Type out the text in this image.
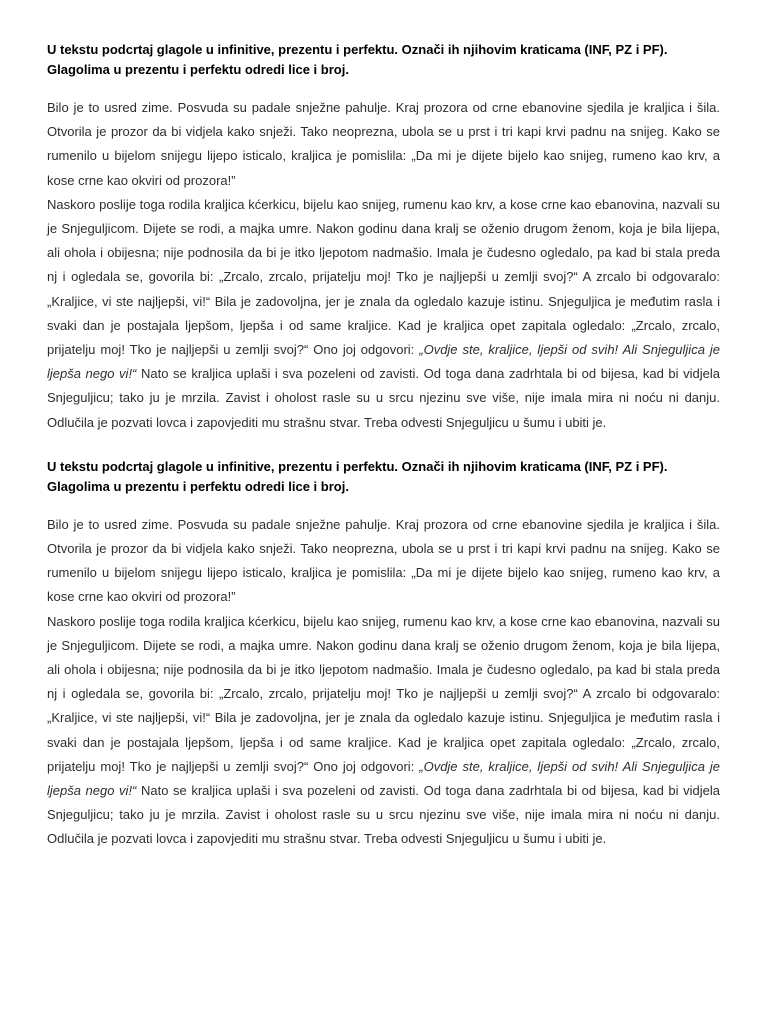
U tekstu podcrtaj glagole u infinitive, prezentu i perfektu. Označi ih njihovim kraticama (INF, PZ i PF). Glagolima u prezentu i perfektu odredi lice i broj.

Bilo je to usred zime. Posvuda su padale snježne pahulje. Kraj prozora od crne ebanovine sjedila je kraljica i šila. Otvorila je prozor da bi vidjela kako snježi. Tako neoprezna, ubola se u prst i tri kapi krvi padnu na snijeg. Kako se rumenilo u bijelom snijegu lijepo isticalo, kraljica je pomislila: „Da mi je dijete bijelo kao snijeg, rumeno kao krv, a kose crne kao okviri od prozora!”

Naskoro poslije toga rodila kraljica kćerkicu, bijelu kao snijeg, rumenu kao krv, a kose crne kao ebanovina, nazvali su je Snjeguljicom. Dijete se rodi, a majka umre. Nakon godinu dana kralj se oženio drugom ženom, koja je bila lijepa, ali ohola i obijesna; nije podnosila da bi je itko ljepotom nadmašio. Imala je čudesno ogledalo, pa kad bi stala preda nj i ogledala se, govorila bi: „Zrcalo, zrcalo, prijatelju moj! Tko je najljepši u zemlji svoj?“ A zrcalo bi odgovaralo: „Kraljice, vi ste najljepši, vi!“ Bila je zadovoljna, jer je znala da ogledalo kazuje istinu. Snjeguljica je međutim rasla i svaki dan je postajala ljepšom, ljepša i od same kraljice. Kad je kraljica opet zapitala ogledalo: „Zrcalo, zrcalo, prijatelju moj! Tko je najljepši u zemlji svoj?“ Ono joj odgovori: „Ovdje ste, kraljice, ljepši od svih! Ali Snjeguljica je ljepša nego vi!“ Nato se kraljica uplaši i sva pozeleni od zavisti. Od toga dana zadrhtala bi od bijesa, kad bi vidjela Snjeguljicu; tako ju je mrzila. Zavist i oholost rasle su u srcu njezinu sve više, nije imala mira ni noću ni danju. Odlučila je pozvati lovca i zapovjediti mu strašnu stvar. Treba odvesti Snjeguljicu u šumu i ubiti je.

U tekstu podcrtaj glagole u infinitive, prezentu i perfektu. Označi ih njihovim kraticama (INF, PZ i PF). Glagolima u prezentu i perfektu odredi lice i broj.

Bilo je to usred zime. Posvuda su padale snježne pahulje. Kraj prozora od crne ebanovine sjedila je kraljica i šila. Otvorila je prozor da bi vidjela kako snježi. Tako neoprezna, ubola se u prst i tri kapi krvi padnu na snijeg. Kako se rumenilo u bijelom snijegu lijepo isticalo, kraljica je pomislila: „Da mi je dijete bijelo kao snijeg, rumeno kao krv, a kose crne kao okviri od prozora!”

Naskoro poslije toga rodila kraljica kćerkicu, bijelu kao snijeg, rumenu kao krv, a kose crne kao ebanovina, nazvali su je Snjeguljicom. Dijete se rodi, a majka umre. Nakon godinu dana kralj se oženio drugom ženom, koja je bila lijepa, ali ohola i obijesna; nije podnosila da bi je itko ljepotom nadmašio. Imala je čudesno ogledalo, pa kad bi stala preda nj i ogledala se, govorila bi: „Zrcalo, zrcalo, prijatelju moj! Tko je najljepši u zemlji svoj?“ A zrcalo bi odgovaralo: „Kraljice, vi ste najljepši, vi!“ Bila je zadovoljna, jer je znala da ogledalo kazuje istinu. Snjeguljica je međutim rasla i svaki dan je postajala ljepšom, ljepša i od same kraljice. Kad je kraljica opet zapitala ogledalo: „Zrcalo, zrcalo, prijatelju moj! Tko je najljepši u zemlji svoj?“ Ono joj odgovori: „Ovdje ste, kraljice, ljepši od svih! Ali Snjeguljica je ljepša nego vi!“ Nato se kraljica uplaši i sva pozeleni od zavisti. Od toga dana zadrhtala bi od bijesa, kad bi vidjela Snjeguljicu; tako ju je mrzila. Zavist i oholost rasle su u srcu njezinu sve više, nije imala mira ni noću ni danju. Odlučila je pozvati lovca i zapovjediti mu strašnu stvar. Treba odvesti Snjeguljicu u šumu i ubiti je.
